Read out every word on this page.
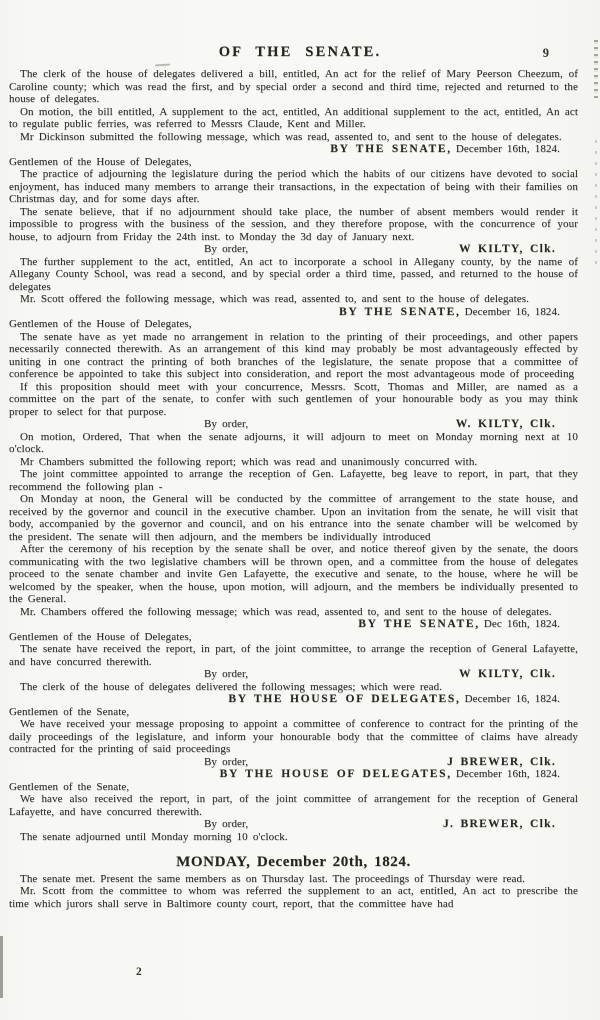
OF THE SENATE.	9

The clerk of the house of delegates delivered a bill, entitled, An act for the relief of Mary Peerson Cheezum, of Caroline county; which was read the first, and by special order a second and third time, rejected and returned to the house of delegates.

On motion, the bill entitled, A supplement to the act, entitled, An additional supplement to the act, entitled, An act to regulate public ferries, was referred to Messrs Claude, Kent and Miller.

Mr Dickinson submitted the following message, which was read, assented to, and sent to the house of delegates.

BY THE SENATE, December 16th, 1824.

Gentlemen of the House of Delegates,

The practice of adjourning the legislature during the period which the habits of our citizens have devoted to social enjoyment, has induced many members to arrange their transactions, in the expectation of being with their families on Christmas day, and for some days after.

The senate believe, that if no adjournment should take place, the number of absent members would render it impossible to progress with the business of the session, and they therefore propose, with the concurrence of your house, to adjourn from Friday the 24th inst. to Monday the 3d day of January next.

By order,	W KILTY, Clk.

The further supplement to the act, entitled, An act to incorporate a school in Allegany county, by the name of Allegany County School, was read a second, and by special order a third time, passed, and returned to the house of delegates

Mr. Scott offered the following message, which was read, assented to, and sent to the house of delegates.

BY THE SENATE, December 16, 1824.

Gentlemen of the House of Delegates,

The senate have as yet made no arrangement in relation to the printing of their proceedings, and other papers necessarily connected therewith. As an arrangement of this kind may probably be most advantageously effected by uniting in one contract the printing of both branches of the legislature, the senate propose that a committee of conference be appointed to take this subject into consideration, and report the most advantageous mode of proceeding

If this proposition should meet with your concurrence, Messrs. Scott, Thomas and Miller, are named as a committee on the part of the senate, to confer with such gentlemen of your honourable body as you may think proper to select for that purpose.

By order,	W. KILTY, Clk.

On motion, Ordered, That when the senate adjourns, it will adjourn to meet on Monday morning next at 10 o'clock.

Mr Chambers submitted the following report; which was read and unanimously concurred with.

The joint committee appointed to arrange the reception of Gen. Lafayette, beg leave to report, in part, that they recommend the following plan -

On Monday at noon, the General will be conducted by the committee of arrangement to the state house, and received by the governor and council in the executive chamber. Upon an invitation from the senate, he will visit that body, accompanied by the governor and council, and on his entrance into the senate chamber will be welcomed by the president. The senate will then adjourn, and the members be individually introduced

After the ceremony of his reception by the senate shall be over, and notice thereof given by the senate, the doors communicating with the two legislative chambers will be thrown open, and a committee from the house of delegates proceed to the senate chamber and invite Gen Lafayette, the executive and senate, to the house, where he will be welcomed by the speaker, when the house, upon motion, will adjourn, and the members be individually presented to the General.

Mr. Chambers offered the following message; which was read, assented to, and sent to the house of delegates.

BY THE SENATE, Dec 16th, 1824.

Gentlemen of the House of Delegates,

The senate have received the report, in part, of the joint committee, to arrange the reception of General Lafayette, and have concurred therewith.

By order,	W KILTY, Clk.

The clerk of the house of delegates delivered the following messages; which were read.

BY THE HOUSE OF DELEGATES, December 16, 1824.

Gentlemen of the Senate,

We have received your message proposing to appoint a committee of conference to contract for the printing of the daily proceedings of the legislature, and inform your honourable body that the committee of claims have already contracted for the printing of said proceedings

By order,	J BREWER, Clk.
BY THE HOUSE OF DELEGATES, December 16th, 1824.

Gentlemen of the Senate,

We have also received the report, in part, of the joint committee of arrangement for the reception of General Lafayette, and have concurred therewith.

By order,	J. BREWER, Clk.

The senate adjourned until Monday morning 10 o'clock.

MONDAY, December 20th, 1824.

The senate met. Present the same members as on Thursday last. The proceedings of Thursday were read.

Mr. Scott from the committee to whom was referred the supplement to an act, entitled, An act to prescribe the time which jurors shall serve in Baltimore county court, report, that the committee have had

2
